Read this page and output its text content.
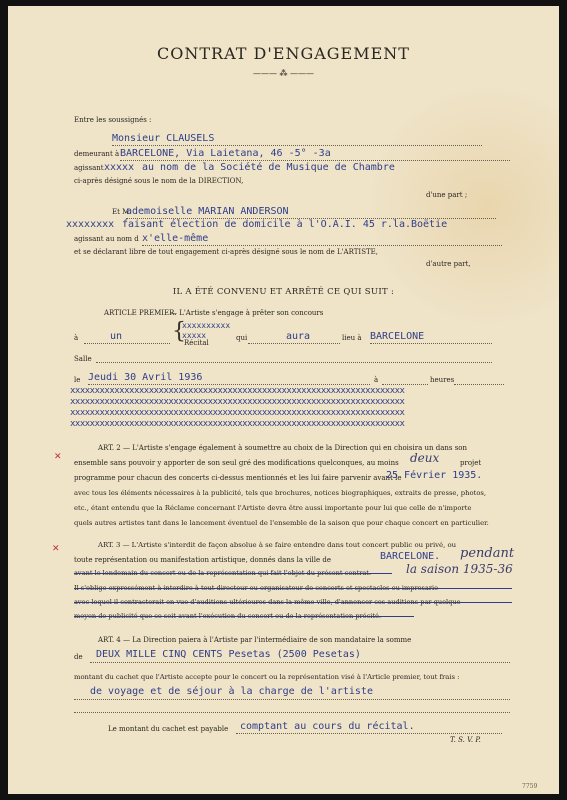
CONTRAT D'ENGAGEMENT
——— ⁂ ———
Entre les soussignés :
Monsieur CLAUSELS
demeurant à BARCELONE, Via Laietana, 46 -5° -3a
agissant xxxxx au nom de la Société de Musique de Chambre
ci-après désigné sous le nom de la DIRECTION,
d'une part ;
Et M
ademoiselle MARIAN ANDERSON
xxxxxxxx faisant élection de domicile à l'O.A.I. 45 r.la.Boëtie
agissant au nom d x'elle-même
et se déclarant libre de tout engagement ci-après désigné sous le nom de L'ARTISTE,
d'autre part,
IL A ÉTÉ CONVENU ET ARRÊTÉ CE QUI SUIT :
ARTICLE PREMIER.
— L'Artiste s'engage à prêter son concours
à	un {
xxxxxxxxxx
xxxxx
Récital
qui	aura	lieu à BARCELONE
Salle
le Jeudi 30 Avril 1936	à	heures
xxxxxxxxxxxxxxxxxxxxxxxxxxxxxxxxxxxxxxxxxxxxxxxxxxxxxxxxxxxxxxxxxxxx
xxxxxxxxxxxxxxxxxxxxxxxxxxxxxxxxxxxxxxxxxxxxxxxxxxxxxxxxxxxxxxxxxxxx
xxxxxxxxxxxxxxxxxxxxxxxxxxxxxxxxxxxxxxxxxxxxxxxxxxxxxxxxxxxxxxxxxxxx
xxxxxxxxxxxxxxxxxxxxxxxxxxxxxxxxxxxxxxxxxxxxxxxxxxxxxxxxxxxxxxxxxxxx
ART. 2 — L'Artiste s'engage également à soumettre au choix de la Direction qui en choisira un dans son
✕
ensemble sans pouvoir y apporter de son seul gré des modifications quelconques, au moins deux	projet
programme pour chacun des concerts ci-dessus mentionnés et les lui faire parvenir avant le
25 Février 1935.
avec tous les éléments nécessaires à la publicité, tels que brochures, notices biographiques, extraits de presse, photos,
etc., étant entendu que la Réclame concernant l'Artiste devra être aussi importante pour lui que celle de n'importe
quels autres artistes tant dans le lancement éventuel de l'ensemble de la saison que pour chaque concert en particulier.
ART. 3 — L'Artiste s'interdit de façon absolue à se faire entendre dans tout concert public ou privé, ou
✕
toute représentation ou manifestation artistique, donnés dans la ville de	BARCELONE. pendant
avant le lendemain du concert ou de la représentation qui fait l'objet du présent contrat.	la saison 1935-36
Il s'oblige expressément à interdire à tout directeur ou organisateur de concerts et spectacles ou impresario
avec lequel il contracterait en vue d'auditions ultérieures dans la même ville, d'annoncer ces auditions par quelque
moyen de publicité que ce soit avant l'exécution du concert ou de la représentation précité.
ART. 4 — La Direction paiera à l'Artiste par l'intermédiaire de son mandataire la somme
de DEUX MILLE CINQ CENTS Pesetas (2500 Pesetas)
montant du cachet que l'Artiste accepte pour le concert ou la représentation visé à l'Article premier, tout frais :
de voyage et de séjour à la charge de l'artiste
Le montant du cachet est payable comptant au cours du récital.
T. S. V. P.
7759
